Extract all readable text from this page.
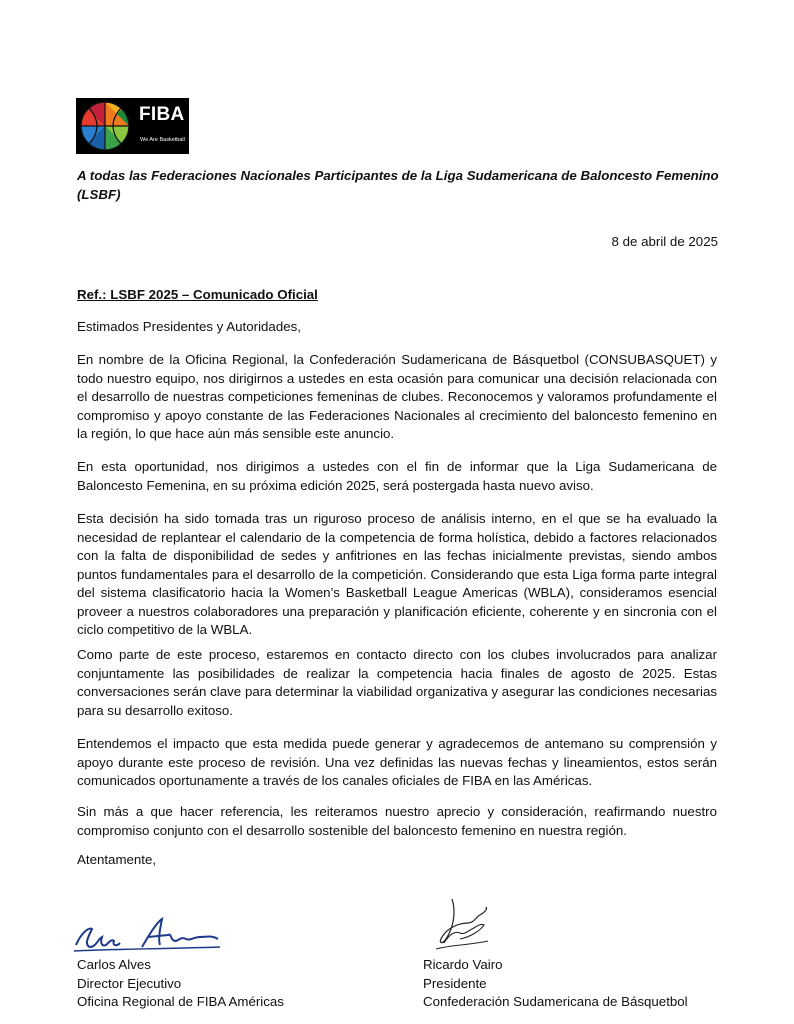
FIBA
We Are Basketball
A todas las Federaciones Nacionales Participantes de la Liga Sudamericana de Baloncesto Femenino (LSBF)
8 de abril de 2025
Ref.: LSBF 2025 – Comunicado Oficial
Estimados Presidentes y Autoridades,

En nombre de la Oficina Regional, la Confederación Sudamericana de Básquetbol (CONSUBASQUET) y todo nuestro equipo, nos dirigirnos a ustedes en esta ocasión para comunicar una decisión relacionada con el desarrollo de nuestras competiciones femeninas de clubes. Reconocemos y valoramos profundamente el compromiso y apoyo constante de las Federaciones Nacionales al crecimiento del baloncesto femenino en la región, lo que hace aún más sensible este anuncio.

En esta oportunidad, nos dirigimos a ustedes con el fin de informar que la Liga Sudamericana de Baloncesto Femenina, en su próxima edición 2025, será postergada hasta nuevo aviso.

Esta decisión ha sido tomada tras un riguroso proceso de análisis interno, en el que se ha evaluado la necesidad de replantear el calendario de la competencia de forma holística, debido a factores relacionados con la falta de disponibilidad de sedes y anfitriones en las fechas inicialmente previstas, siendo ambos puntos fundamentales para el desarrollo de la competición. Considerando que esta Liga forma parte integral del sistema clasificatorio hacia la Women’s Basketball League Americas (WBLA), consideramos esencial proveer a nuestros colaboradores una preparación y planificación eficiente, coherente y en sincronia con el ciclo competitivo de la WBLA.

Como parte de este proceso, estaremos en contacto directo con los clubes involucrados para analizar conjuntamente las posibilidades de realizar la competencia hacia finales de agosto de 2025. Estas conversaciones serán clave para determinar la viabilidad organizativa y asegurar las condiciones necesarias para su desarrollo exitoso.

Entendemos el impacto que esta medida puede generar y agradecemos de antemano su comprensión y apoyo durante este proceso de revisión. Una vez definidas las nuevas fechas y lineamientos, estos serán comunicados oportunamente a través de los canales oficiales de FIBA en las Américas.

Sin más a que hacer referencia, les reiteramos nuestro aprecio y consideración, reafirmando nuestro compromiso conjunto con el desarrollo sostenible del baloncesto femenino en nuestra región.

Atentamente,
Carlos Alves
Director Ejecutivo
Oficina Regional de FIBA Américas
Ricardo Vairo
Presidente
Confederación Sudamericana de Básquetbol
